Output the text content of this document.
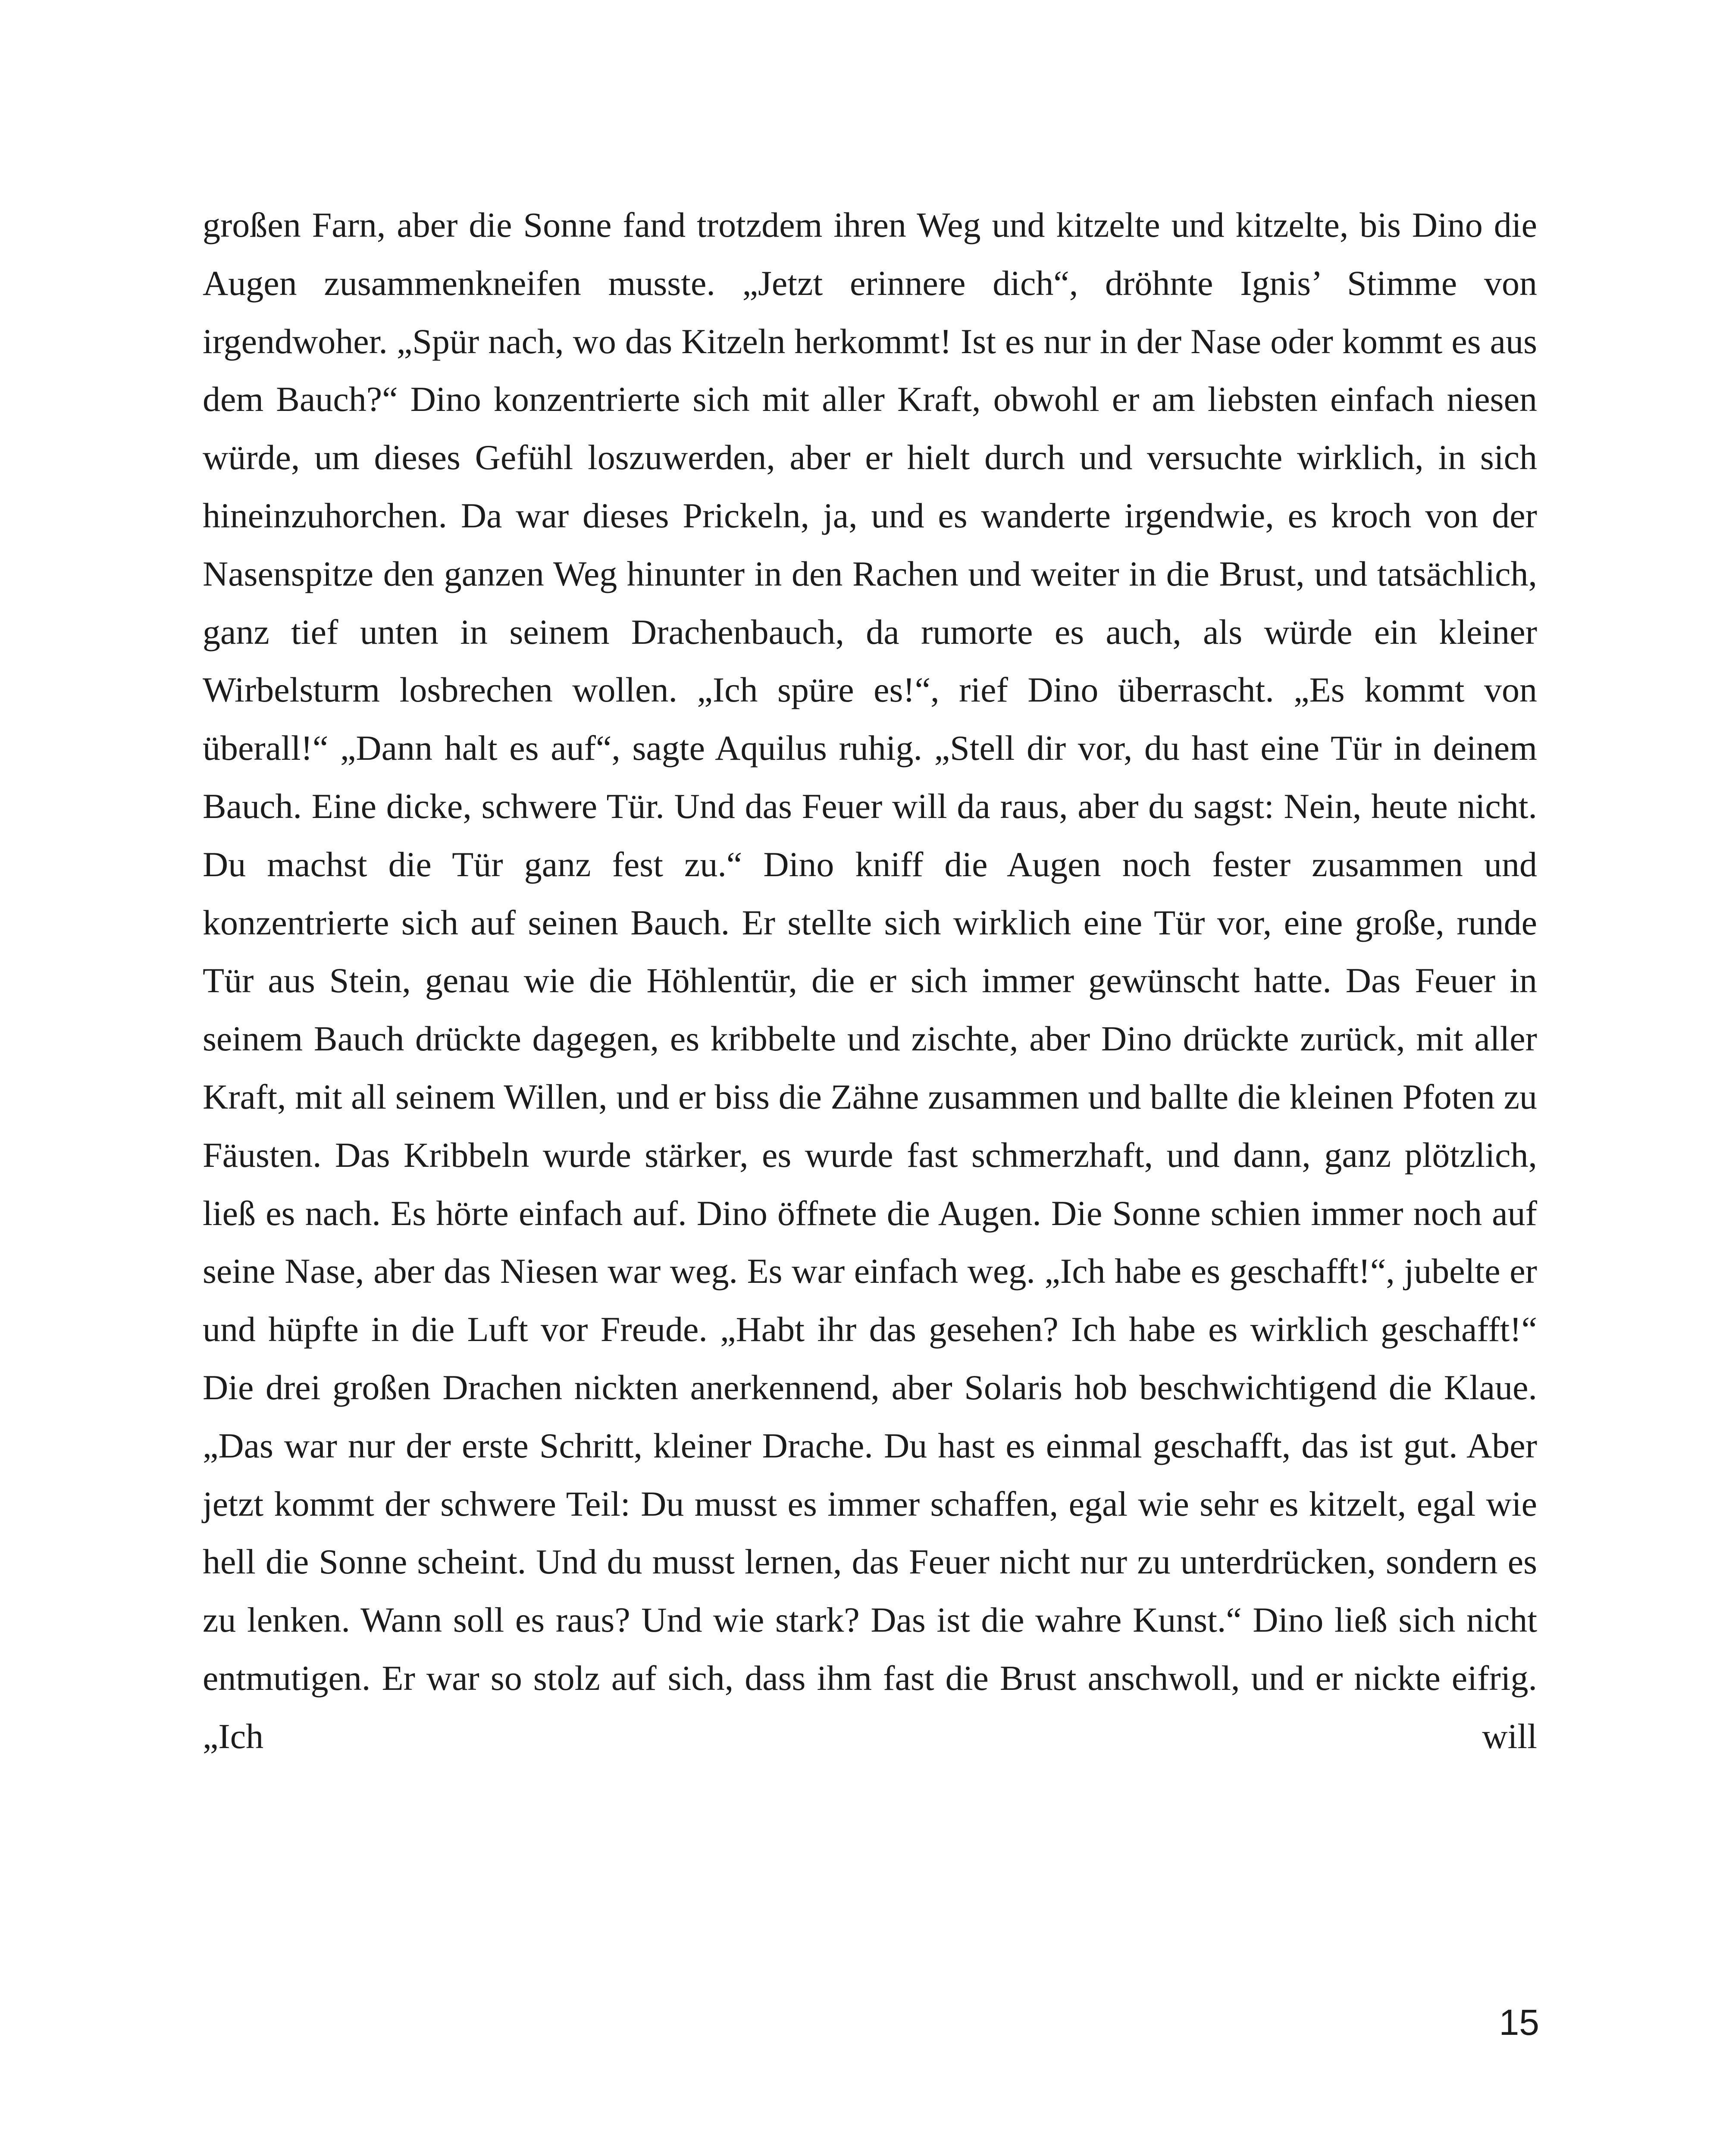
großen Farn, aber die Sonne fand trotzdem ihren Weg und kitzelte und kitzelte, bis Dino die Augen zusammenkneifen musste. „Jetzt erinnere dich“, dröhnte Ignis’ Stimme von irgendwoher. „Spür nach, wo das Kitzeln herkommt! Ist es nur in der Nase oder kommt es aus dem Bauch?“ Dino konzentrierte sich mit aller Kraft, obwohl er am liebsten einfach niesen würde, um dieses Gefühl loszuwerden, aber er hielt durch und versuchte wirklich, in sich hineinzuhorchen. Da war dieses Prickeln, ja, und es wanderte irgendwie, es kroch von der Nasenspitze den ganzen Weg hinunter in den Rachen und weiter in die Brust, und tatsächlich, ganz tief unten in seinem Drachenbauch, da rumorte es auch, als würde ein kleiner Wirbelsturm losbrechen wollen. „Ich spüre es!“, rief Dino überrascht. „Es kommt von überall!“ „Dann halt es auf“, sagte Aquilus ruhig. „Stell dir vor, du hast eine Tür in deinem Bauch. Eine dicke, schwere Tür. Und das Feuer will da raus, aber du sagst: Nein, heute nicht. Du machst die Tür ganz fest zu.“ Dino kniff die Augen noch fester zusammen und konzentrierte sich auf seinen Bauch. Er stellte sich wirklich eine Tür vor, eine große, runde Tür aus Stein, genau wie die Höhlentür, die er sich immer gewünscht hatte. Das Feuer in seinem Bauch drückte dagegen, es kribbelte und zischte, aber Dino drückte zurück, mit aller Kraft, mit all seinem Willen, und er biss die Zähne zusammen und ballte die kleinen Pfoten zu Fäusten. Das Kribbeln wurde stärker, es wurde fast schmerzhaft, und dann, ganz plötzlich, ließ es nach. Es hörte einfach auf. Dino öffnete die Augen. Die Sonne schien immer noch auf seine Nase, aber das Niesen war weg. Es war einfach weg. „Ich habe es geschafft!“, jubelte er und hüpfte in die Luft vor Freude. „Habt ihr das gesehen? Ich habe es wirklich geschafft!“ Die drei großen Drachen nickten anerkennend, aber Solaris hob beschwichtigend die Klaue. „Das war nur der erste Schritt, kleiner Drache. Du hast es einmal geschafft, das ist gut. Aber jetzt kommt der schwere Teil: Du musst es immer schaffen, egal wie sehr es kitzelt, egal wie hell die Sonne scheint. Und du musst lernen, das Feuer nicht nur zu unterdrücken, sondern es zu lenken. Wann soll es raus? Und wie stark? Das ist die wahre Kunst.“ Dino ließ sich nicht entmutigen. Er war so stolz auf sich, dass ihm fast die Brust anschwoll, und er nickte eifrig. „Ich will

15
